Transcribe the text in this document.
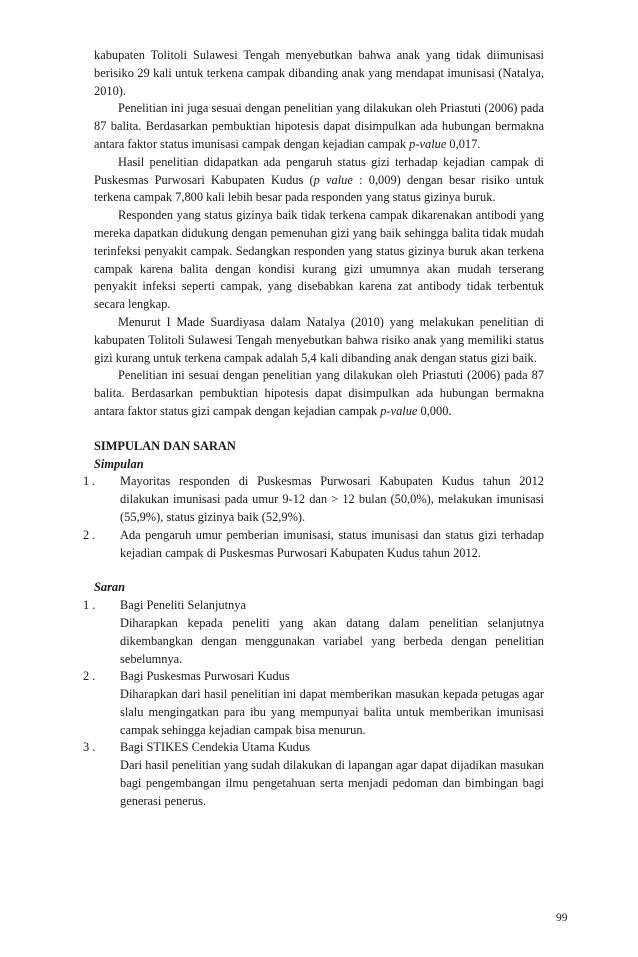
kabupaten Tolitoli Sulawesi Tengah menyebutkan bahwa anak yang tidak diimunisasi berisiko 29 kali untuk terkena campak dibanding anak yang mendapat imunisasi (Natalya, 2010).

Penelitian ini juga sesuai dengan penelitian yang dilakukan oleh Priastuti (2006) pada 87 balita. Berdasarkan pembuktian hipotesis dapat disimpulkan ada hubungan bermakna antara faktor status imunisasi campak dengan kejadian campak p-value 0,017.

Hasil penelitian didapatkan ada pengaruh status gizi terhadap kejadian campak di Puskesmas Purwosari Kabupaten Kudus (p value : 0,009) dengan besar risiko untuk terkena campak 7,800 kali lebih besar pada responden yang status gizinya buruk.

Responden yang status gizinya baik tidak terkena campak dikarenakan antibodi yang mereka dapatkan didukung dengan pemenuhan gizi yang baik sehingga balita tidak mudah terinfeksi penyakit campak. Sedangkan responden yang status gizinya buruk akan terkena campak karena balita dengan kondisi kurang gizi umumnya akan mudah terserang penyakit infeksi seperti campak, yang disebabkan karena zat antibody tidak terbentuk secara lengkap.

Menurut I Made Suardiyasa dalam Natalya (2010) yang melakukan penelitian di kabupaten Tolitoli Sulawesi Tengah menyebutkan bahwa risiko anak yang memiliki status gizi kurang untuk terkena campak adalah 5,4 kali dibanding anak dengan status gizi baik.

Penelitian ini sesuai dengan penelitian yang dilakukan oleh Priastuti (2006) pada 87 balita. Berdasarkan pembuktian hipotesis dapat disimpulkan ada hubungan bermakna antara faktor status gizi campak dengan kejadian campak p-value 0,000.

SIMPULAN DAN SARAN

Simpulan

1 .	Mayoritas responden di Puskesmas Purwosari Kabupaten Kudus tahun 2012 dilakukan imunisasi pada umur 9-12 dan > 12 bulan (50,0%), melakukan imunisasi (55,9%), status gizinya baik (52,9%).
2 .	Ada pengaruh umur pemberian imunisasi, status imunisasi dan status gizi terhadap kejadian campak di Puskesmas Purwosari Kabupaten Kudus tahun 2012.

Saran

1 .	Bagi Peneliti Selanjutnya

Diharapkan kepada peneliti yang akan datang dalam penelitian selanjutnya dikembangkan dengan menggunakan variabel yang berbeda dengan penelitian sebelumnya.

2 .	Bagi Puskesmas Purwosari Kudus

Diharapkan dari hasil penelitian ini dapat memberikan masukan kepada petugas agar slalu mengingatkan para ibu yang mempunyai balita untuk memberikan imunisasi campak sehingga kejadian campak bisa menurun.

3 .	Bagi STIKES Cendekia Utama Kudus

Dari hasil penelitian yang sudah dilakukan di lapangan agar dapat dijadikan masukan bagi pengembangan ilmu pengetahuan serta menjadi pedoman dan bimbingan bagi generasi penerus.

99
